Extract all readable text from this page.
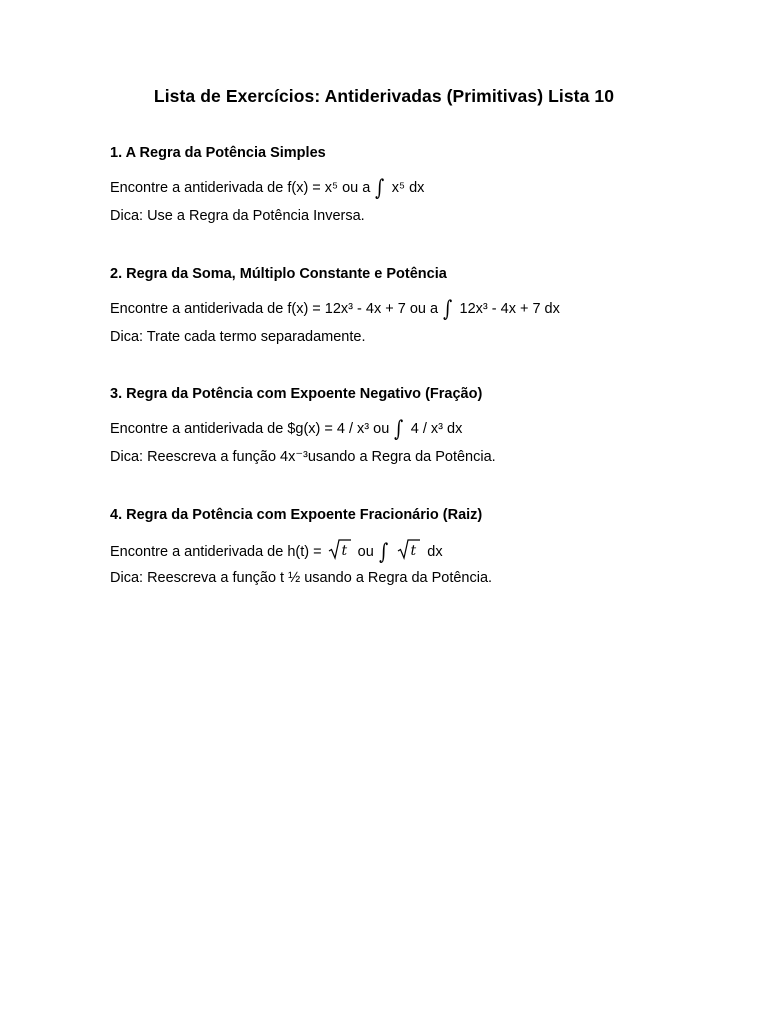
Lista de Exercícios: Antiderivadas (Primitivas) Lista 10
1. A Regra da Potência Simples
Encontre a antiderivada de f(x) = x⁵ ou a ∫ x⁵ dx
Dica: Use a Regra da Potência Inversa.
2. Regra da Soma, Múltiplo Constante e Potência
Encontre a antiderivada de f(x) = 12x³ - 4x + 7 ou a ∫ 12x³ - 4x + 7 dx
Dica: Trate cada termo separadamente.
3. Regra da Potência com Expoente Negativo (Fração)
Encontre a antiderivada de $g(x) = 4 / x³ ou ∫ 4 / x³ dx
Dica: Reescreva a função 4x⁻³usando a Regra da Potência.
4. Regra da Potência com Expoente Fracionário (Raiz)
Encontre a antiderivada de h(t) = t ou ∫ t dx
Dica: Reescreva a função t ½ usando a Regra da Potência.
